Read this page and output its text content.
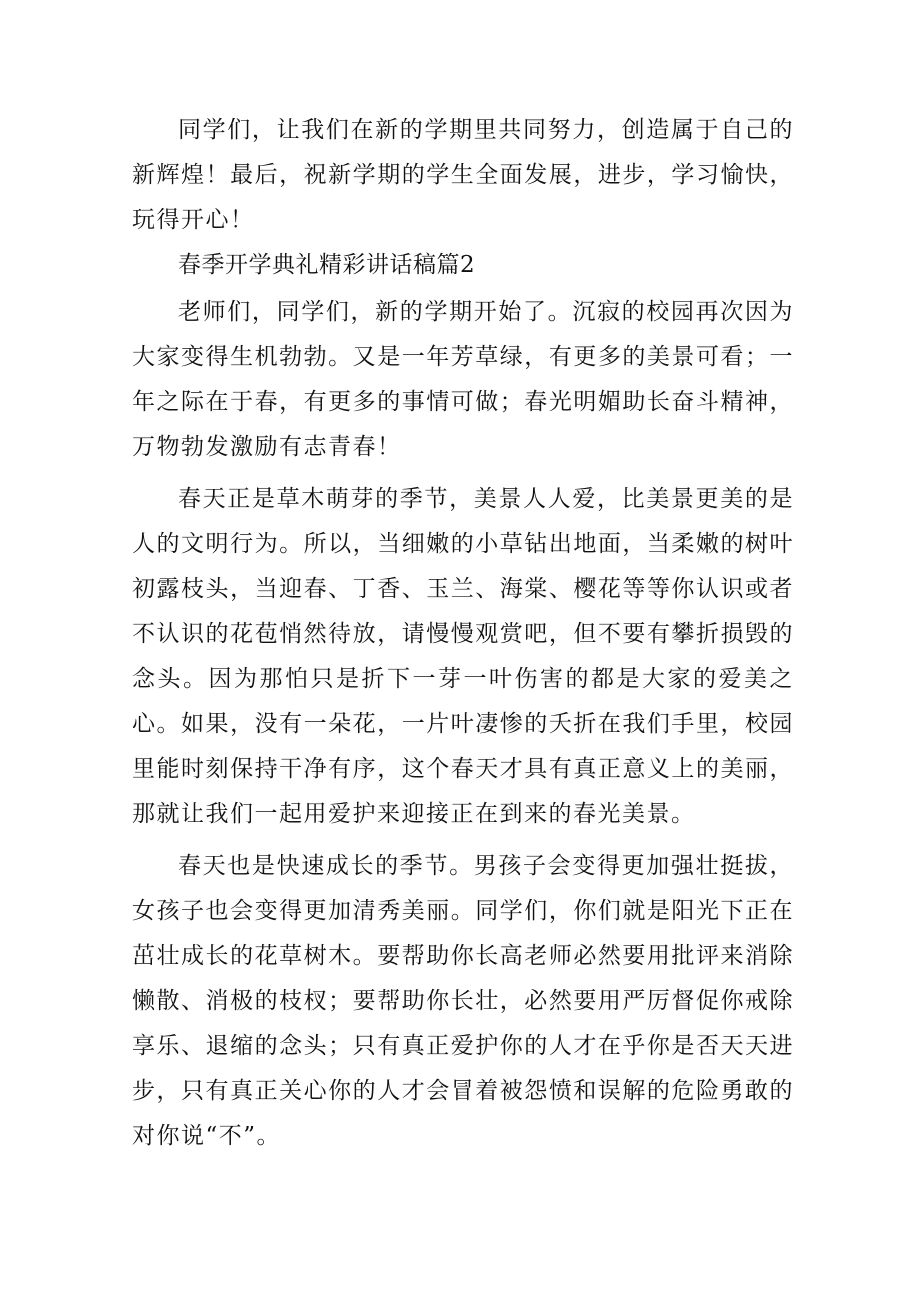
同学们，让我们在新的学期里共同努力，创造属于自己的新辉煌！最后，祝新学期的学生全面发展，进步，学习愉快，玩得开心！

春季开学典礼精彩讲话稿篇2

老师们，同学们，新的学期开始了。沉寂的校园再次因为大家变得生机勃勃。又是一年芳草绿，有更多的美景可看；一年之际在于春，有更多的事情可做；春光明媚助长奋斗精神，万物勃发激励有志青春！

春天正是草木萌芽的季节，美景人人爱，比美景更美的是人的文明行为。所以，当细嫩的小草钻出地面，当柔嫩的树叶初露枝头，当迎春、丁香、玉兰、海棠、樱花等等你认识或者不认识的花苞悄然待放，请慢慢观赏吧，但不要有攀折损毁的念头。因为那怕只是折下一芽一叶伤害的都是大家的爱美之心。如果，没有一朵花，一片叶凄惨的夭折在我们手里，校园里能时刻保持干净有序，这个春天才具有真正意义上的美丽，那就让我们一起用爱护来迎接正在到来的春光美景。

春天也是快速成长的季节。男孩子会变得更加强壮挺拔，女孩子也会变得更加清秀美丽。同学们，你们就是阳光下正在茁壮成长的花草树木。要帮助你长高老师必然要用批评来消除懒散、消极的枝杈；要帮助你长壮，必然要用严厉督促你戒除享乐、退缩的念头；只有真正爱护你的人才在乎你是否天天进步，只有真正关心你的人才会冒着被怨愤和误解的危险勇敢的对你说“不”。
